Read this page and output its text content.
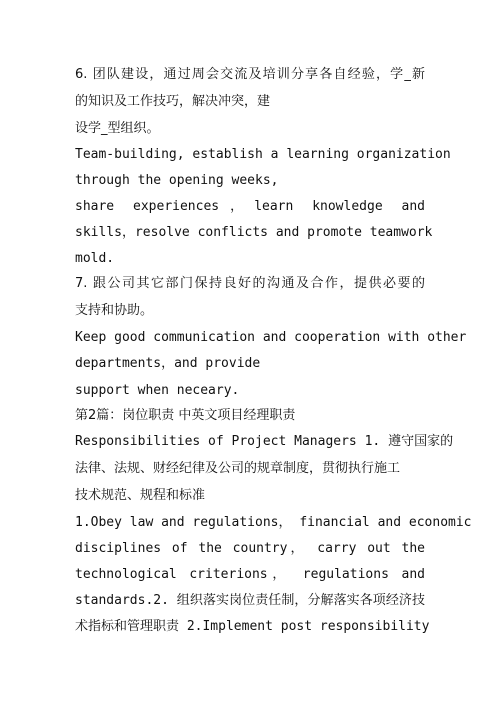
6. 团队建设，通过周会交流及培训分享各自经验，学_新
的知识及工作技巧，解决冲突，建
设学_型组织。
Team-building, establish a learning organization
through the opening weeks,
share experiences，learn knowledge and
skills，resolve conflicts and promote teamwork
mold.
7. 跟公司其它部门保持良好的沟通及合作，提供必要的
支持和协助。
Keep good communication and cooperation with other
departments，and provide
support when neceary.
第2篇：岗位职责 中英文项目经理职责
Responsibilities of Project Managers 1. 遵守国家的
法律、法规、财经纪律及公司的规章制度，贯彻执行施工
技术规范、规程和标准
1.Obey law and regulations， financial and economic
disciplines of the country， carry out the
technological criterions， regulations and
standards.2. 组织落实岗位责任制，分解落实各项经济技
术指标和管理职责 2.Implement post responsibility
